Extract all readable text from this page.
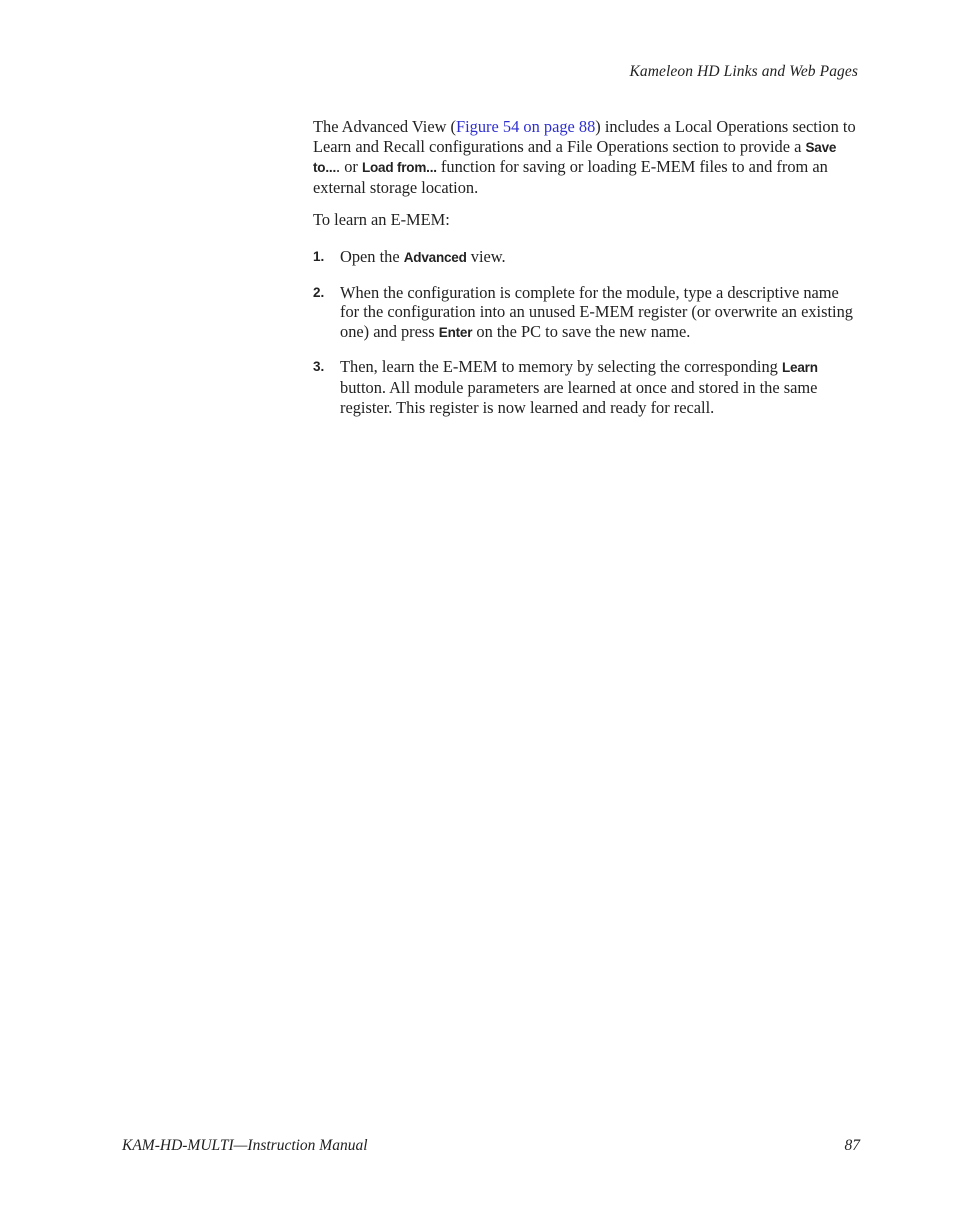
Kameleon HD Links and Web Pages

The Advanced View (Figure 54 on page 88) includes a Local Operations section to Learn and Recall configurations and a File Operations section to provide a Save to.... or Load from... function for saving or loading E-MEM files to and from an external storage location.

To learn an E-MEM:

1. Open the Advanced view.
2. When the configuration is complete for the module, type a descriptive name for the configuration into an unused E-MEM register (or overwrite an existing one) and press Enter on the PC to save the new name.
3. Then, learn the E-MEM to memory by selecting the corresponding Learn button. All module parameters are learned at once and stored in the same register. This register is now learned and ready for recall.
KAM-HD-MULTI—Instruction Manual	87
